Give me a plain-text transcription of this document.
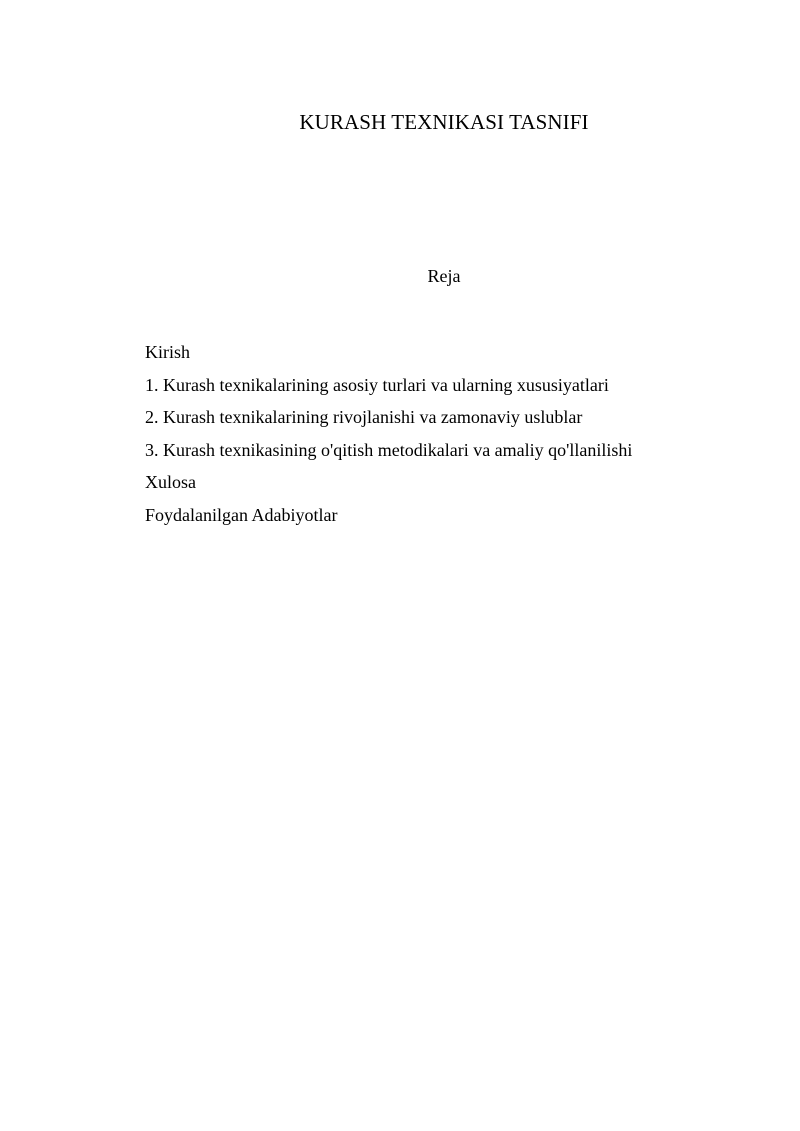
KURASH TEXNIKASI TASNIFI
Reja
Kirish
1. Kurash texnikalarining asosiy turlari va ularning xususiyatlari
2. Kurash texnikalarining rivojlanishi va zamonaviy uslublar
3. Kurash texnikasining o'qitish metodikalari va amaliy qo'llanilishi
Xulosa
Foydalanilgan Adabiyotlar
